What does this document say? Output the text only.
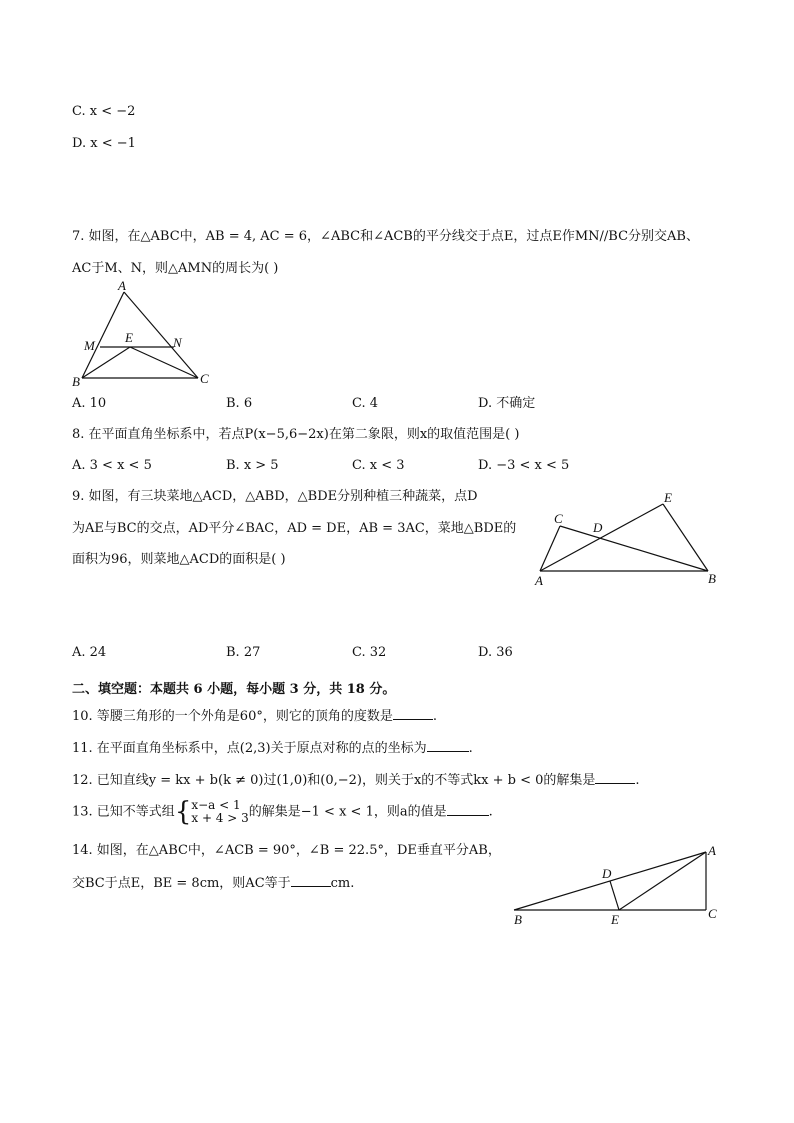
C. x < −2
D. x < −1
7. 如图，在△ABC中，AB = 4, AC = 6，∠ABC和∠ACB的平分线交于点E，过点E作MN//BC分别交AB、
AC于M、N，则△AMN的周长为( )
A
M
E	N
B	C
A. 10	B. 6	C. 4	D. 不确定
8. 在平面直角坐标系中，若点P(x−5,6−2x)在第二象限，则x的取值范围是( )
A. 3 < x < 5	B. x > 5	C. x < 3	D. −3 < x < 5
9. 如图，有三块菜地△ACD，△ABD，△BDE分别种植三种蔬菜，点D
为AE与BC的交点，AD平分∠BAC，AD = DE，AB = 3AC，菜地△BDE的
面积为96，则菜地△ACD的面积是( )
C
D
E
A	B
A. 24	B. 27	C. 32	D. 36
二、填空题：本题共 6 小题，每小题 3 分，共 18 分。
10. 等腰三角形的一个外角是60°，则它的顶角的度数是	.
11. 在平面直角坐标系中，点(2,3)关于原点对称的点的坐标为	.
12. 已知直线y = kx + b(k ≠ 0)过(1,0)和(0,−2)，则关于x的不等式kx + b < 0的解集是	.
13. 已知不等式组{x−a < 1
x + 4 > 3的解集是−1 < x < 1，则a的值是	.
14. 如图，在△ABC中，∠ACB = 90°，∠B = 22.5°，DE垂直平分AB，
交BC于点E，BE = 8cm，则AC等于	cm.
A
D
B	E	C
